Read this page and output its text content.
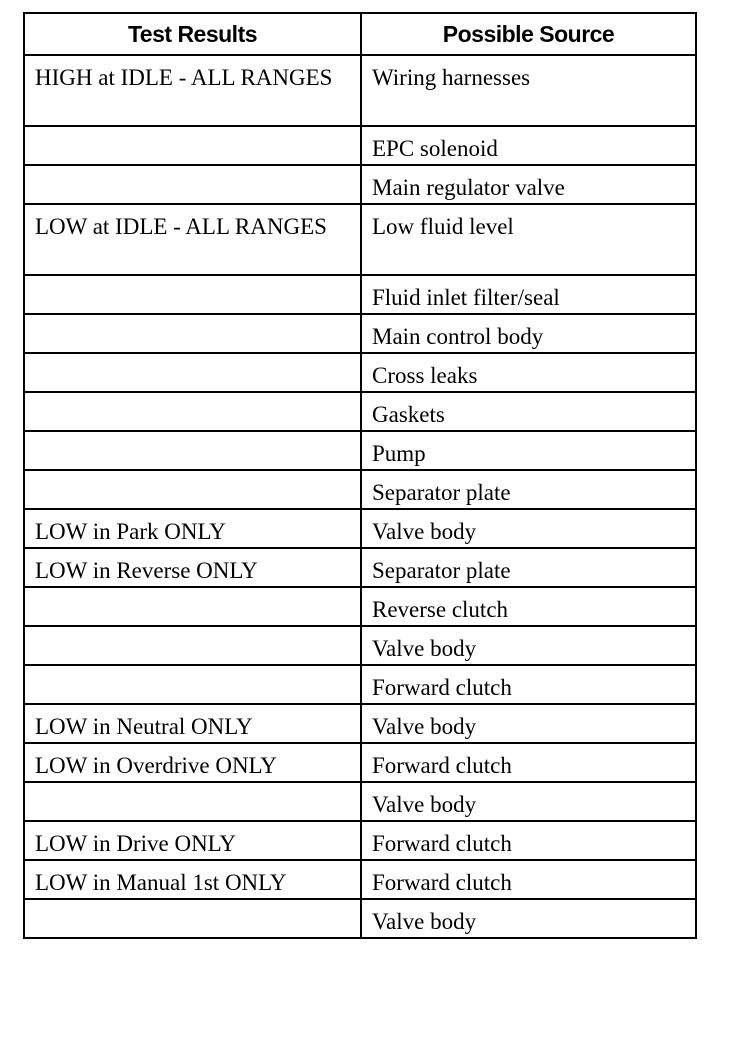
Test Results	Possible Source

HIGH at IDLE - ALL RANGES	Wiring harnesses

	EPC solenoid

	Main regulator valve

LOW at IDLE - ALL RANGES	Low fluid level

	Fluid inlet filter/seal

	Main control body

	Cross leaks

	Gaskets

	Pump

	Separator plate

LOW in Park ONLY	Valve body

LOW in Reverse ONLY	Separator plate

	Reverse clutch

	Valve body

	Forward clutch

LOW in Neutral ONLY	Valve body

LOW in Overdrive ONLY	Forward clutch

	Valve body

LOW in Drive ONLY	Forward clutch

LOW in Manual 1st ONLY	Forward clutch

	Valve body
